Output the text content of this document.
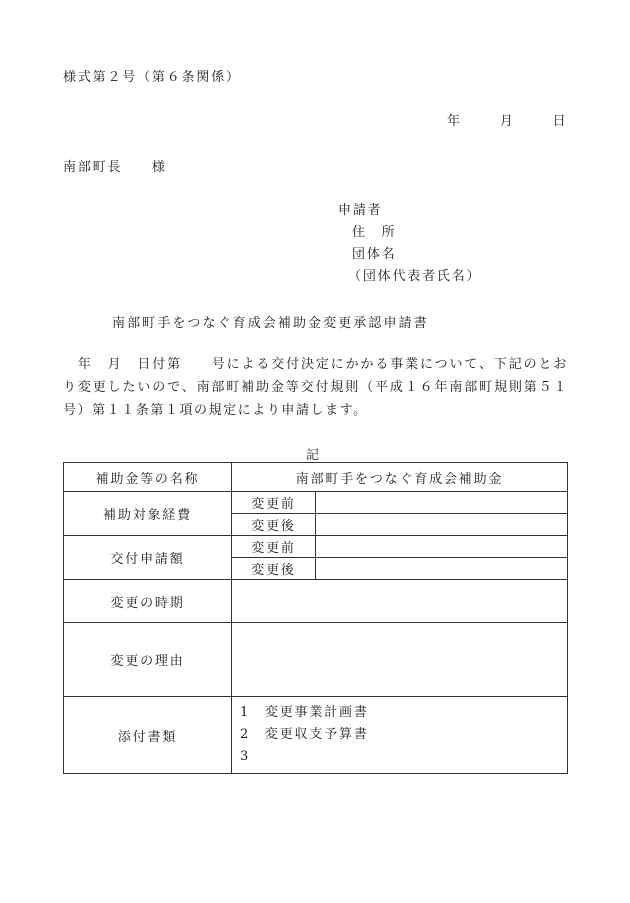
様式第２号（第６条関係）
年	月	日
南部町長　　様
申請者
住　所
団体名
（団体代表者氏名）
南部町手をつなぐ育成会補助金変更承認申請書
　年　月　日付第　　号による交付決定にかかる事業について、下記のとおり変更したいので、南部町補助金等交付規則（平成１６年南部町規則第５１号）第１１条第１項の規定により申請します。
記
補助金等の名称	南部町手をつなぐ育成会補助金	
補助対象経費	変更前	
	変更後	
交付申請額	変更前	
	変更後	
変更の時期		
変更の理由		
添付書類	1　変更事業計画書
2　変更収支予算書
3	
